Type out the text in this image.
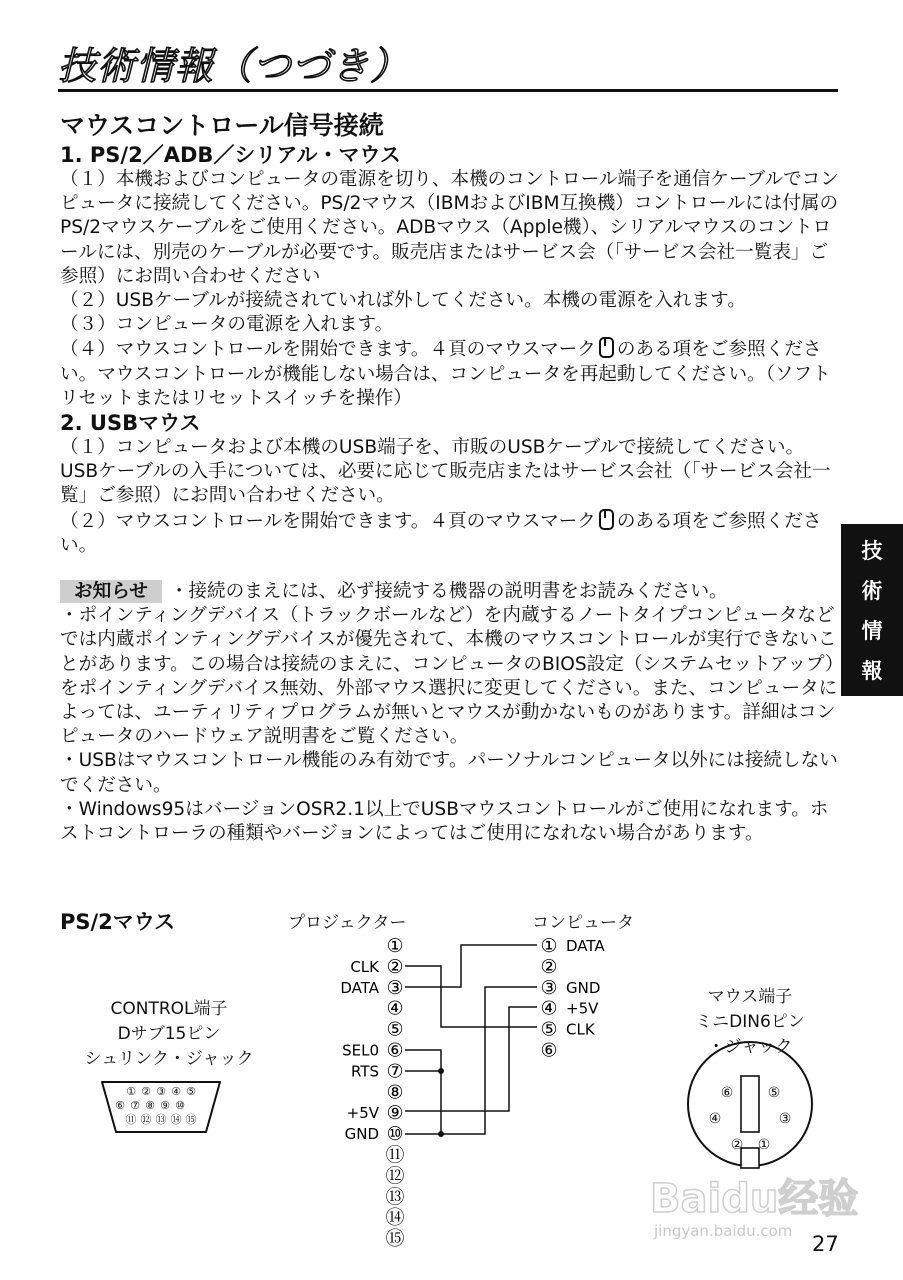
技術情報（つづき）
マウスコントロール信号接続
1. PS/2／ADB／シリアル・マウス

（１）本機およびコンピュータの電源を切り、本機のコントロール端子を通信ケーブルでコンピュータに接続してください。PS/2マウス（IBMおよびIBM互換機）コントロールには付属のPS/2マウスケーブルをご使用ください。ADBマウス（Apple機）、シリアルマウスのコントロールには、別売のケーブルが必要です。販売店またはサービス会（「サービス会社一覧表」ご参照）にお問い合わせください

（２）USBケーブルが接続されていれば外してください。本機の電源を入れます。

（３）コンピュータの電源を入れます。

（４）マウスコントロールを開始できます。４頁のマウスマーク のある項をご参照ください。マウスコントロールが機能しない場合は、コンピュータを再起動してください。（ソフトリセットまたはリセットスイッチを操作）

2. USBマウス

（１）コンピュータおよび本機のUSB端子を、市販のUSBケーブルで接続してください。USBケーブルの入手については、必要に応じて販売店またはサービス会社（「サービス会社一覧」ご参照）にお問い合わせください。

（２）マウスコントロールを開始できます。４頁のマウスマーク のある項をご参照ください。

お知らせ ・接続のまえには、必ず接続する機器の説明書をお読みください。

・ポインティングデバイス（トラックボールなど）を内蔵するノートタイプコンピュータなどでは内蔵ポインティングデバイスが優先されて、本機のマウスコントロールが実行できないことがあります。この場合は接続のまえに、コンピュータのBIOS設定（システムセットアップ）をポインティングデバイス無効、外部マウス選択に変更してください。また、コンピュータによっては、ユーティリティプログラムが無いとマウスが動かないものがあります。詳細はコンピュータのハードウェア説明書をご覧ください。

・USBはマウスコントロール機能のみ有効です。パーソナルコンピュータ以外には接続しないでください。

・Windows95はバージョンOSR2.1以上でUSBマウスコントロールがご使用になれます。ホストコントローラの種類やバージョンによってはご使用になれない場合があります。

技
術
情
報
PS/2マウス	プロジェクター	コンピュータ
CONTROL端子
Dサブ15ピン
シュリンク・ジャック
マウス端子
ミニDIN6ピン
・ジャック
① ② ③ ④ ⑤
⑥ ⑦ ⑧ ⑨ ⑩
⑪ ⑫ ⑬ ⑭ ⑮
①
②
CLK
③
DATA
④
⑤
⑥
SEL0
⑦
RTS
⑧
⑨
+5V
⑩
GND
⑪
⑫
⑬
⑭
⑮
① DATA
②
③ GND
④ +5V
⑤ CLK
⑥
①
②
③
④
⑤
⑥
27
Baidu经验
jingyan.baidu.com
